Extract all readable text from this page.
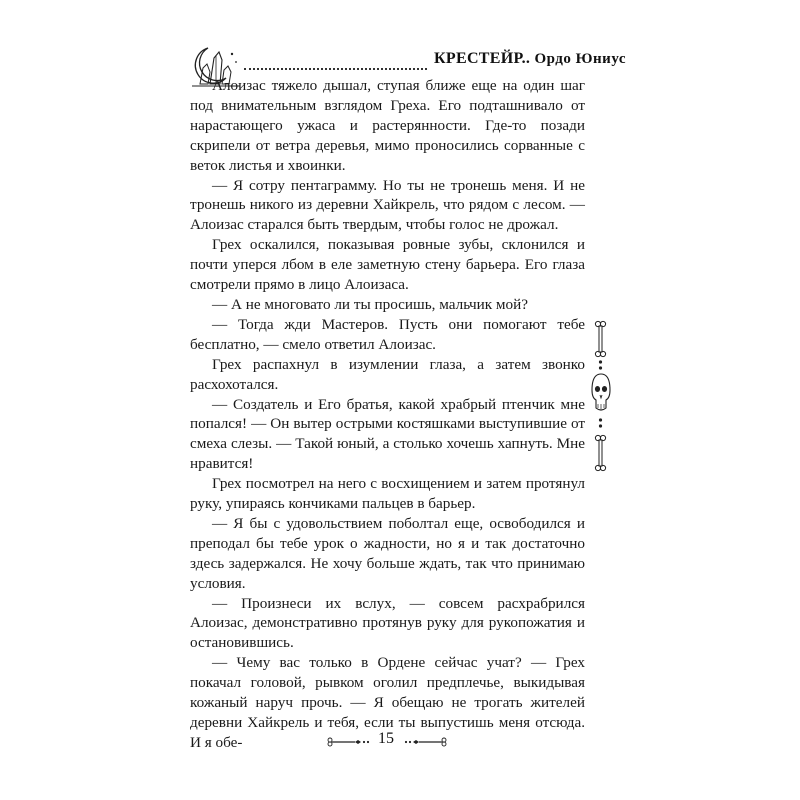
КРЕСТЕЙР.. Ордо Юниус

Алоизас тяжело дышал, ступая ближе еще на один шаг под внимательным взглядом Греха. Его подташнивало от нарастающего ужаса и растерянности. Где-то позади скрипели от ветра деревья, мимо проносились сорванные с веток листья и хвоинки.

— Я сотру пентаграмму. Но ты не тронешь меня. И не тронешь никого из деревни Хайкрель, что рядом с лесом. — Алоизас старался быть твердым, чтобы голос не дрожал.

Грех оскалился, показывая ровные зубы, склонился и почти уперся лбом в еле заметную стену барьера. Его глаза смотрели прямо в лицо Алоизаса.

— А не многовато ли ты просишь, мальчик мой?

— Тогда жди Мастеров. Пусть они помогают тебе бесплатно, — смело ответил Алоизас.

Грех распахнул в изумлении глаза, а затем звонко расхохотался.

— Создатель и Его братья, какой храбрый птенчик мне попался! — Он вытер острыми костяшками выступившие от смеха слезы. — Такой юный, а столько хочешь хапнуть. Мне нравится!

Грех посмотрел на него с восхищением и затем протянул руку, упираясь кончиками пальцев в барьер.

— Я бы с удовольствием поболтал еще, освободился и преподал бы тебе урок о жадности, но я и так достаточно здесь задержался. Не хочу больше ждать, так что принимаю условия.

— Произнеси их вслух, — совсем расхрабрился Алоизас, демонстративно протянув руку для рукопожатия и остановившись.

— Чему вас только в Ордене сейчас учат? — Грех покачал головой, рывком оголил предплечье, выкидывая кожаный наруч прочь. — Я обещаю не трогать жителей деревни Хайкрель и тебя, если ты выпустишь меня отсюда. И я обе-	15
